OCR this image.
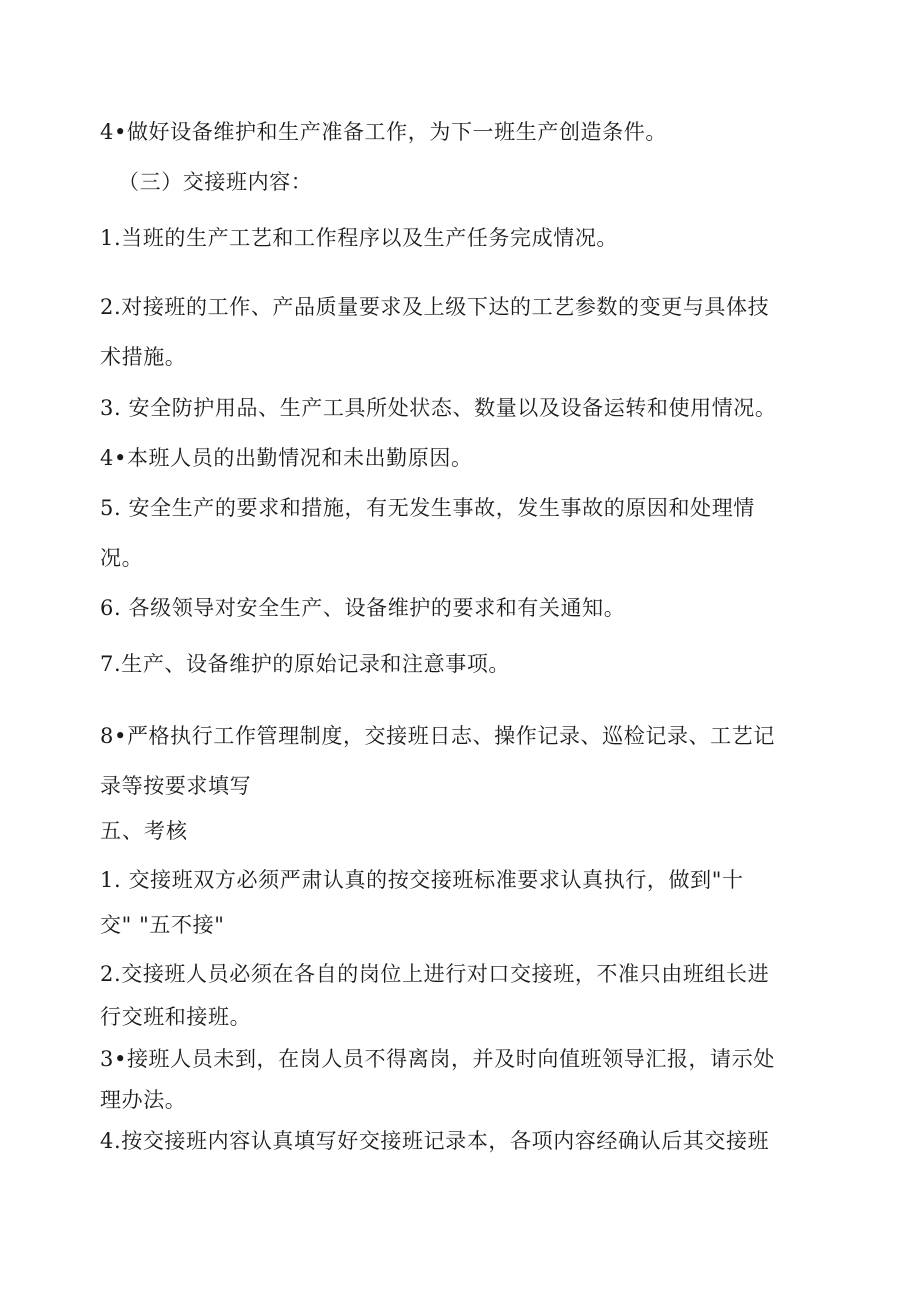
4•做好设备维护和生产准备工作，为下一班生产创造条件。
（三）交接班内容：
1.当班的生产工艺和工作程序以及生产任务完成情况。
2.对接班的工作、产品质量要求及上级下达的工艺参数的变更与具体技
术措施。
3. 安全防护用品、生产工具所处状态、数量以及设备运转和使用情况。
4•本班人员的出勤情况和未出勤原因。
5. 安全生产的要求和措施，有无发生事故，发生事故的原因和处理情
况。
6. 各级领导对安全生产、设备维护的要求和有关通知。
7.生产、设备维护的原始记录和注意事项。
8•严格执行工作管理制度，交接班日志、操作记录、巡检记录、工艺记
录等按要求填写
五、考核
1. 交接班双方必须严肃认真的按交接班标准要求认真执行，做到"十
交" "五不接"
2.交接班人员必须在各自的岗位上进行对口交接班，不准只由班组长进
行交班和接班。
3•接班人员未到，在岗人员不得离岗，并及时向值班领导汇报，请示处
理办法。
4.按交接班内容认真填写好交接班记录本，各项内容经确认后其交接班
